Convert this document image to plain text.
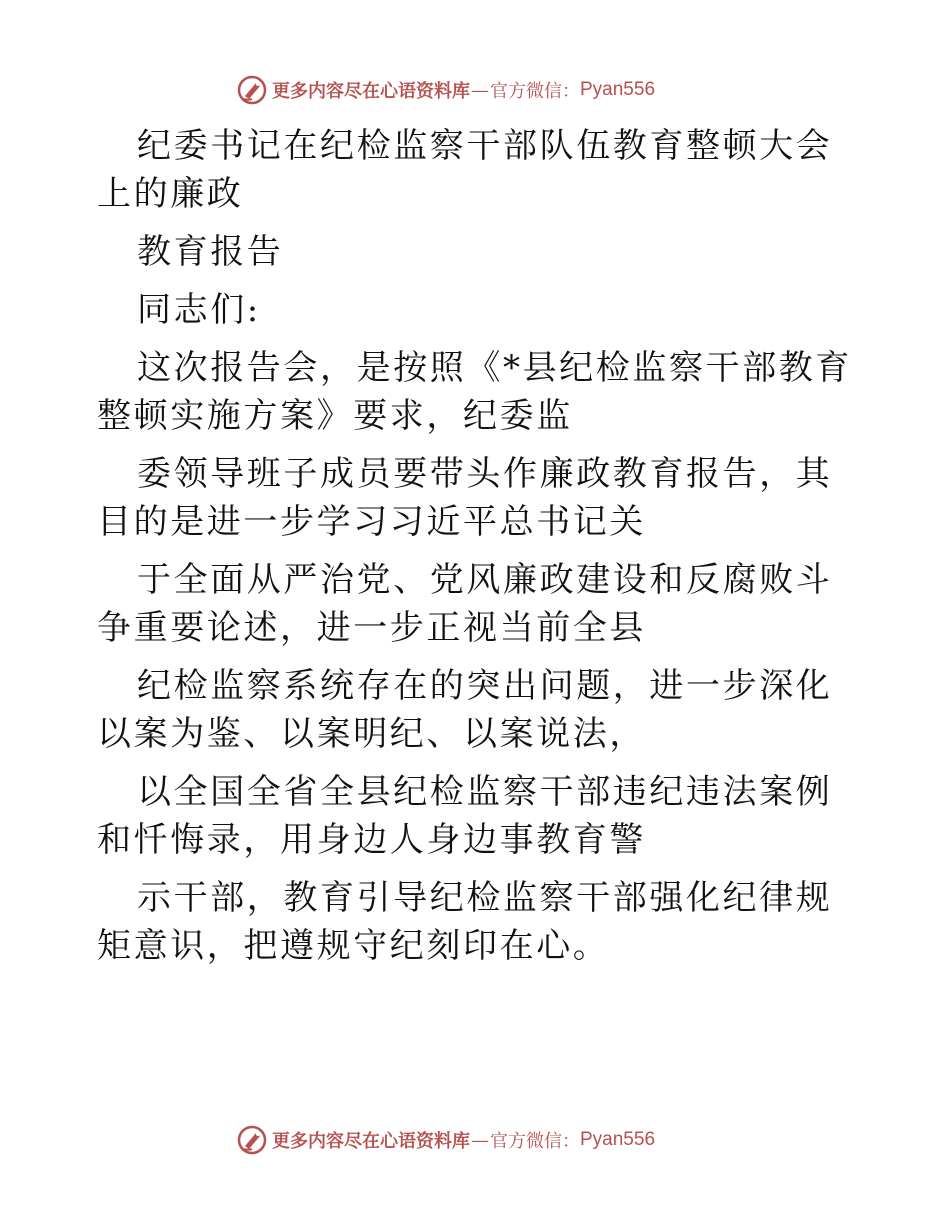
更多内容尽在心语资料库 — 官方微信： Pyan556

纪委书记在纪检监察干部队伍教育整顿大会上的廉政

教育报告

同志们:

这次报告会，是按照《*县纪检监察干部教育整顿实施方案》要求，纪委监

委领导班子成员要带头作廉政教育报告，其目的是进一步学习习近平总书记关

于全面从严治党、党风廉政建设和反腐败斗争重要论述，进一步正视当前全县

纪检监察系统存在的突出问题，进一步深化以案为鉴、以案明纪、以案说法，

以全国全省全县纪检监察干部违纪违法案例和忏悔录，用身边人身边事教育警

示干部，教育引导纪检监察干部强化纪律规矩意识，把遵规守纪刻印在心。

更多内容尽在心语资料库 — 官方微信： Pyan556
